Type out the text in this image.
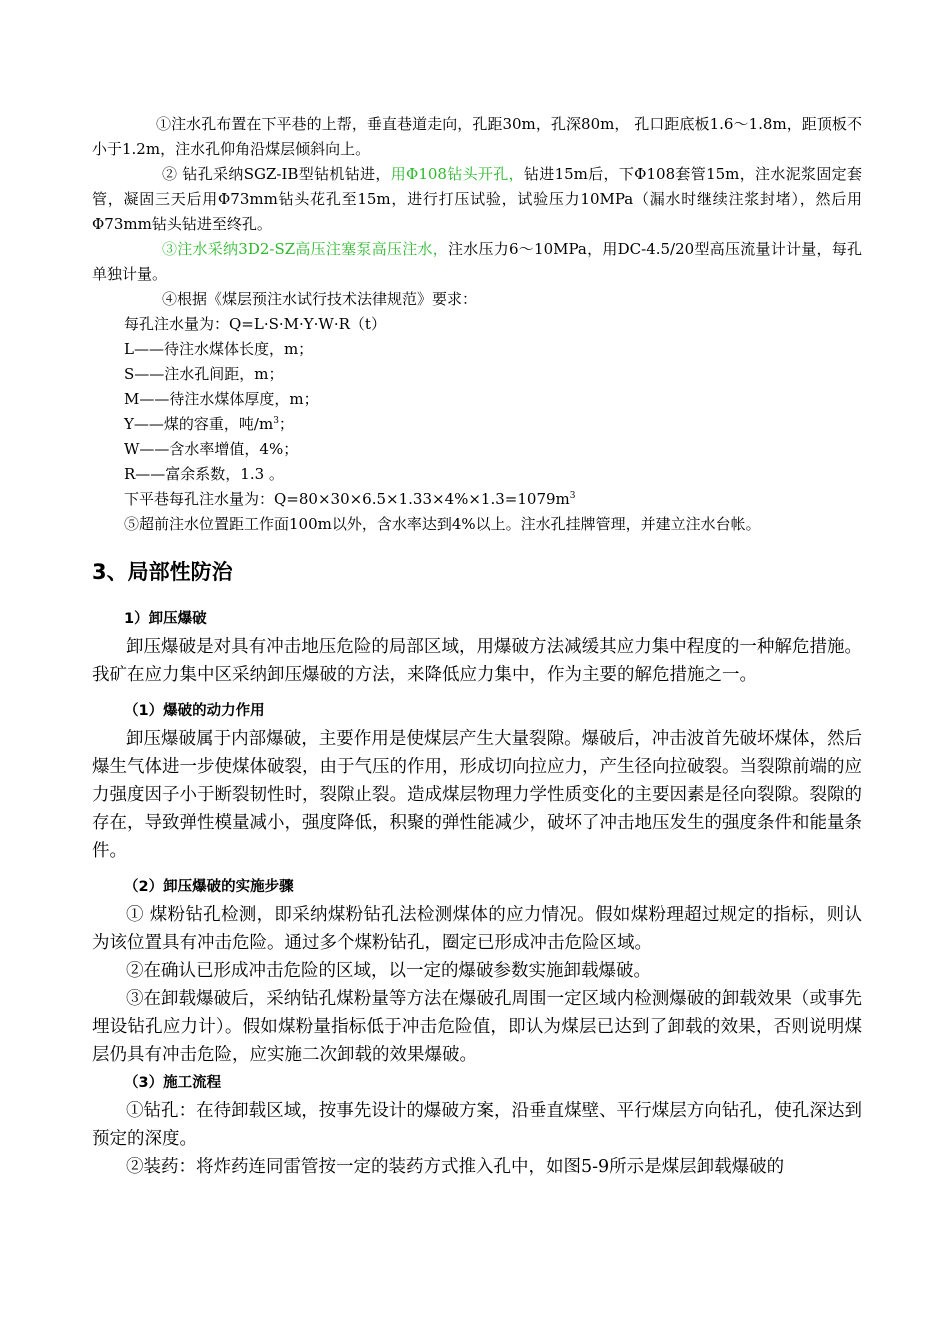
①注水孔布置在下平巷的上帮，垂直巷道走向，孔距30m，孔深80m， 孔口距底板1.6～1.8m，距顶板不小于1.2m，注水孔仰角沿煤层倾斜向上。

② 钻孔采纳SGZ-IB型钻机钻进，用Φ108钻头开孔，钻进15m后，下Φ108套管15m，注水泥浆固定套管，凝固三天后用Φ73mm钻头花孔至15m，进行打压试验，试验压力10MPa（漏水时继续注浆封堵），然后用Φ73mm钻头钻进至终孔。

③注水采纳3D2-SZ高压注塞泵高压注水，注水压力6～10MPa，用DC-4.5/20型高压流量计计量，每孔单独计量。

④根据《煤层预注水试行技术法律规范》要求：

每孔注水量为：Q=L·S·M·Y·W·R（t）

L——待注水煤体长度，m；

S——注水孔间距，m；

M——待注水煤体厚度，m；

Y——煤的容重，吨$/m^3$；

W——含水率增值，4%；

R——富余系数，1.3 。

下平巷每孔注水量为：$Q=80\times 30\times 6.5\times 1.33\times 4\%\times 1.3=1079m^3$

⑤超前注水位置距工作面100m以外，含水率达到4%以上。注水孔挂牌管理，并建立注水台帐。

3、局部性防治

1）卸压爆破

卸压爆破是对具有冲击地压危险的局部区域，用爆破方法减缓其应力集中程度的一种解危措施。我矿在应力集中区采纳卸压爆破的方法，来降低应力集中，作为主要的解危措施之一。

（1）爆破的动力作用

卸压爆破属于内部爆破，主要作用是使煤层产生大量裂隙。爆破后，冲击波首先破坏煤体，然后爆生气体进一步使煤体破裂，由于气压的作用，形成切向拉应力，产生径向拉破裂。当裂隙前端的应力强度因子小于断裂韧性时，裂隙止裂。造成煤层物理力学性质变化的主要因素是径向裂隙。裂隙的存在，导致弹性模量减小，强度降低，积聚的弹性能减少，破坏了冲击地压发生的强度条件和能量条件。

（2）卸压爆破的实施步骤

① 煤粉钻孔检测，即采纳煤粉钻孔法检测煤体的应力情况。假如煤粉理超过规定的指标，则认为该位置具有冲击危险。通过多个煤粉钻孔，圈定已形成冲击危险区域。

②在确认已形成冲击危险的区域，以一定的爆破参数实施卸载爆破。

③在卸载爆破后，采纳钻孔煤粉量等方法在爆破孔周围一定区域内检测爆破的卸载效果（或事先埋设钻孔应力计）。假如煤粉量指标低于冲击危险值，即认为煤层已达到了卸载的效果，否则说明煤层仍具有冲击危险，应实施二次卸载的效果爆破。

（3）施工流程

①钻孔：在待卸载区域，按事先设计的爆破方案，沿垂直煤壁、平行煤层方向钻孔，使孔深达到预定的深度。

②装药：将炸药连同雷管按一定的装药方式推入孔中，如图5-9所示是煤层卸载爆破的
